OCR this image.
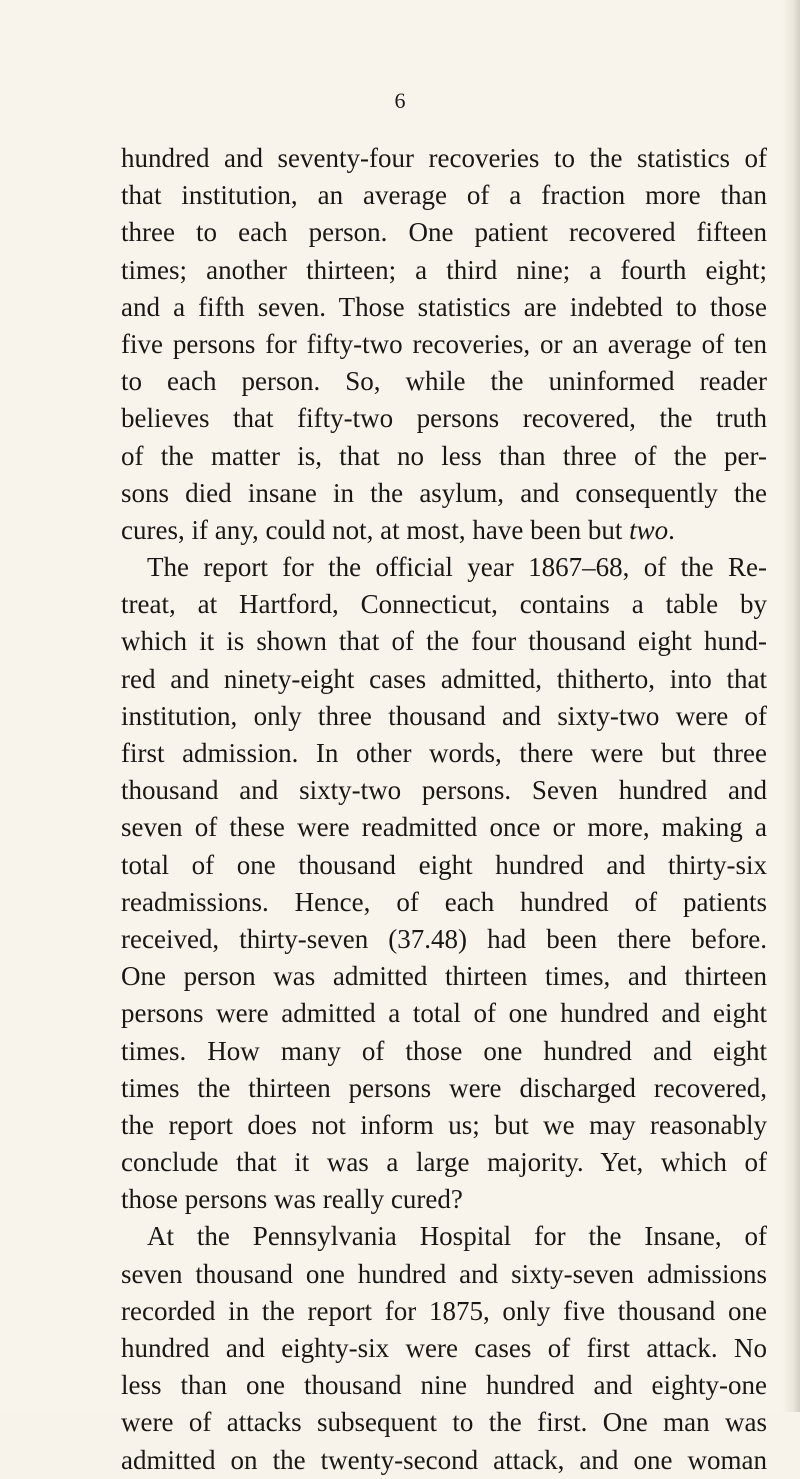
6
hundred and seventy-four recoveries to the statistics of
that institution, an average of a fraction more than
three to each person. One patient recovered fifteen
times; another thirteen; a third nine; a fourth eight;
and a fifth seven. Those statistics are indebted to those
five persons for fifty-two recoveries, or an average of ten
to each person. So, while the uninformed reader
believes that fifty-two persons recovered, the truth
of the matter is, that no less than three of the per-
sons died insane in the asylum, and consequently the
cures, if any, could not, at most, have been but two.
The report for the official year 1867–68, of the Re-
treat, at Hartford, Connecticut, contains a table by
which it is shown that of the four thousand eight hund-
red and ninety-eight cases admitted, thitherto, into that
institution, only three thousand and sixty-two were of
first admission. In other words, there were but three
thousand and sixty-two persons. Seven hundred and
seven of these were readmitted once or more, making a
total of one thousand eight hundred and thirty-six
readmissions. Hence, of each hundred of patients
received, thirty-seven (37.48) had been there before.
One person was admitted thirteen times, and thirteen
persons were admitted a total of one hundred and eight
times. How many of those one hundred and eight
times the thirteen persons were discharged recovered,
the report does not inform us; but we may reasonably
conclude that it was a large majority. Yet, which of
those persons was really cured?
At the Pennsylvania Hospital for the Insane, of
seven thousand one hundred and sixty-seven admissions
recorded in the report for 1875, only five thousand one
hundred and eighty-six were cases of first attack. No
less than one thousand nine hundred and eighty-one
were of attacks subsequent to the first. One man was
admitted on the twenty-second attack, and one woman
